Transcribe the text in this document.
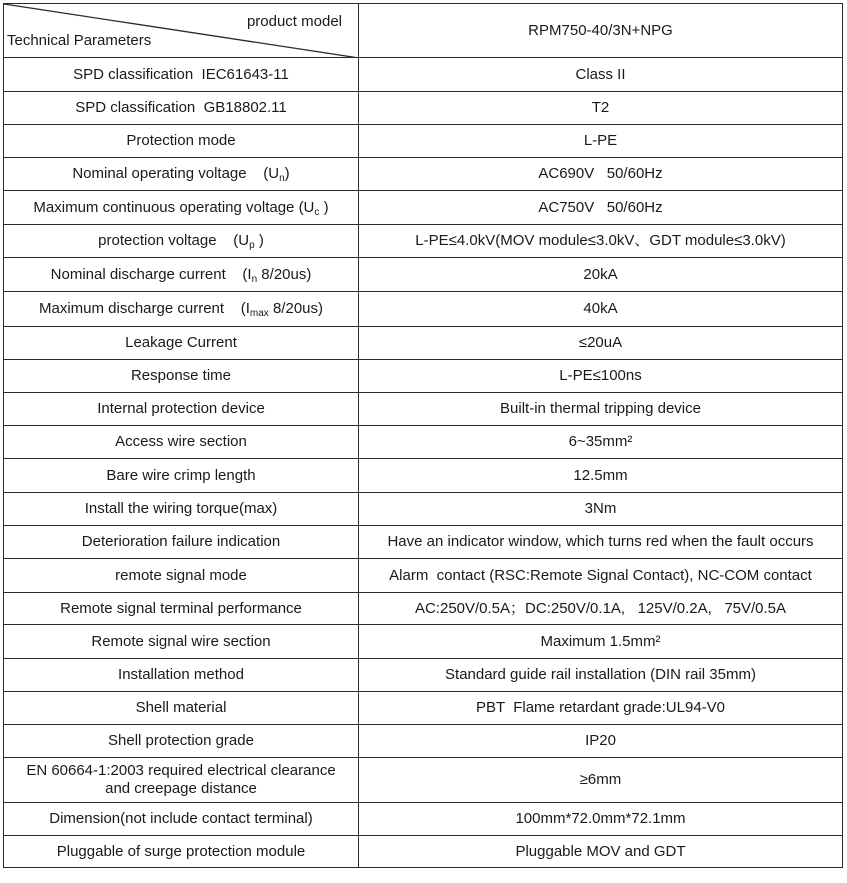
product model
Technical Parameters	RPM750-40/3N+NPG
SPD classification  IEC61643-11	Class II
SPD classification  GB18802.11	T2
Protection mode	L-PE
Nominal operating voltage    $(U_n)$	AC690V   50/60Hz
Maximum continuous operating voltage ($U_c$ )	AC750V   50/60Hz
protection voltage    ($U_p$ )	L-PE≤4.0kV(MOV module≤3.0kV、GDT module≤3.0kV)
Nominal discharge current    ($I_n$ 8/20us)	20kA
Maximum discharge current    ($I_{max}$ 8/20us)	40kA
Leakage Current	≤20uA
Response time	L-PE≤100ns
Internal protection device	Built-in thermal tripping device
Access wire section	6~35mm²
Bare wire crimp length	12.5mm
Install the wiring torque(max)	3Nm
Deterioration failure indication	Have an indicator window, which turns red when the fault occurs
remote signal mode	Alarm  contact (RSC:Remote Signal Contact), NC-COM contact
Remote signal terminal performance	AC:250V/0.5A；DC:250V/0.1A,   125V/0.2A,   75V/0.5A
Remote signal wire section	Maximum 1.5mm²
Installation method	Standard guide rail installation (DIN rail 35mm)
Shell material	PBT  Flame retardant grade:UL94-V0
Shell protection grade	IP20
EN 60664-1:2003 required electrical clearance
and creepage distance	≥6mm
Dimension(not include contact terminal)	100mm*72.0mm*72.1mm
Pluggable of surge protection module	Pluggable MOV and GDT
